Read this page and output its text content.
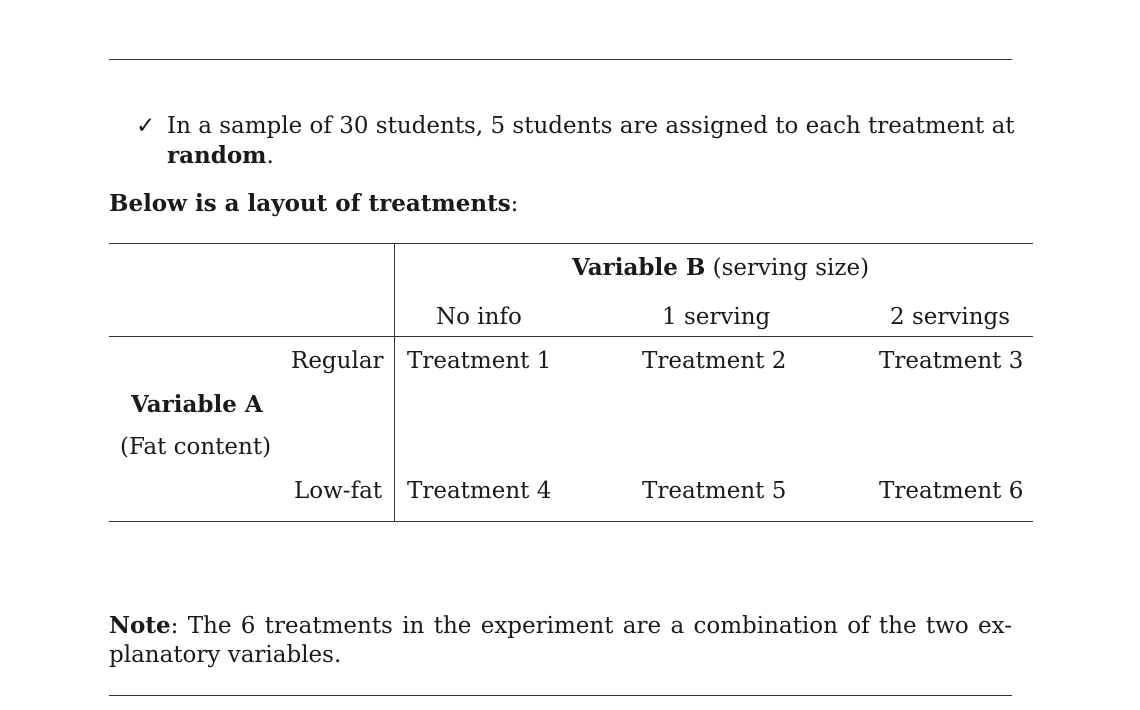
✓ In a sample of 30 students, 5 students are assigned to each treatment at
random.
Below is a layout of treatments:
Variable B (serving size)
No info	1 serving	2 servings
Regular Treatment 1	Treatment 2	Treatment 3
Variable A
(Fat content)
Low-fat Treatment 4	Treatment 5	Treatment 6
Note: The 6 treatments in the experiment are a combination of the two ex- planatory variables.
